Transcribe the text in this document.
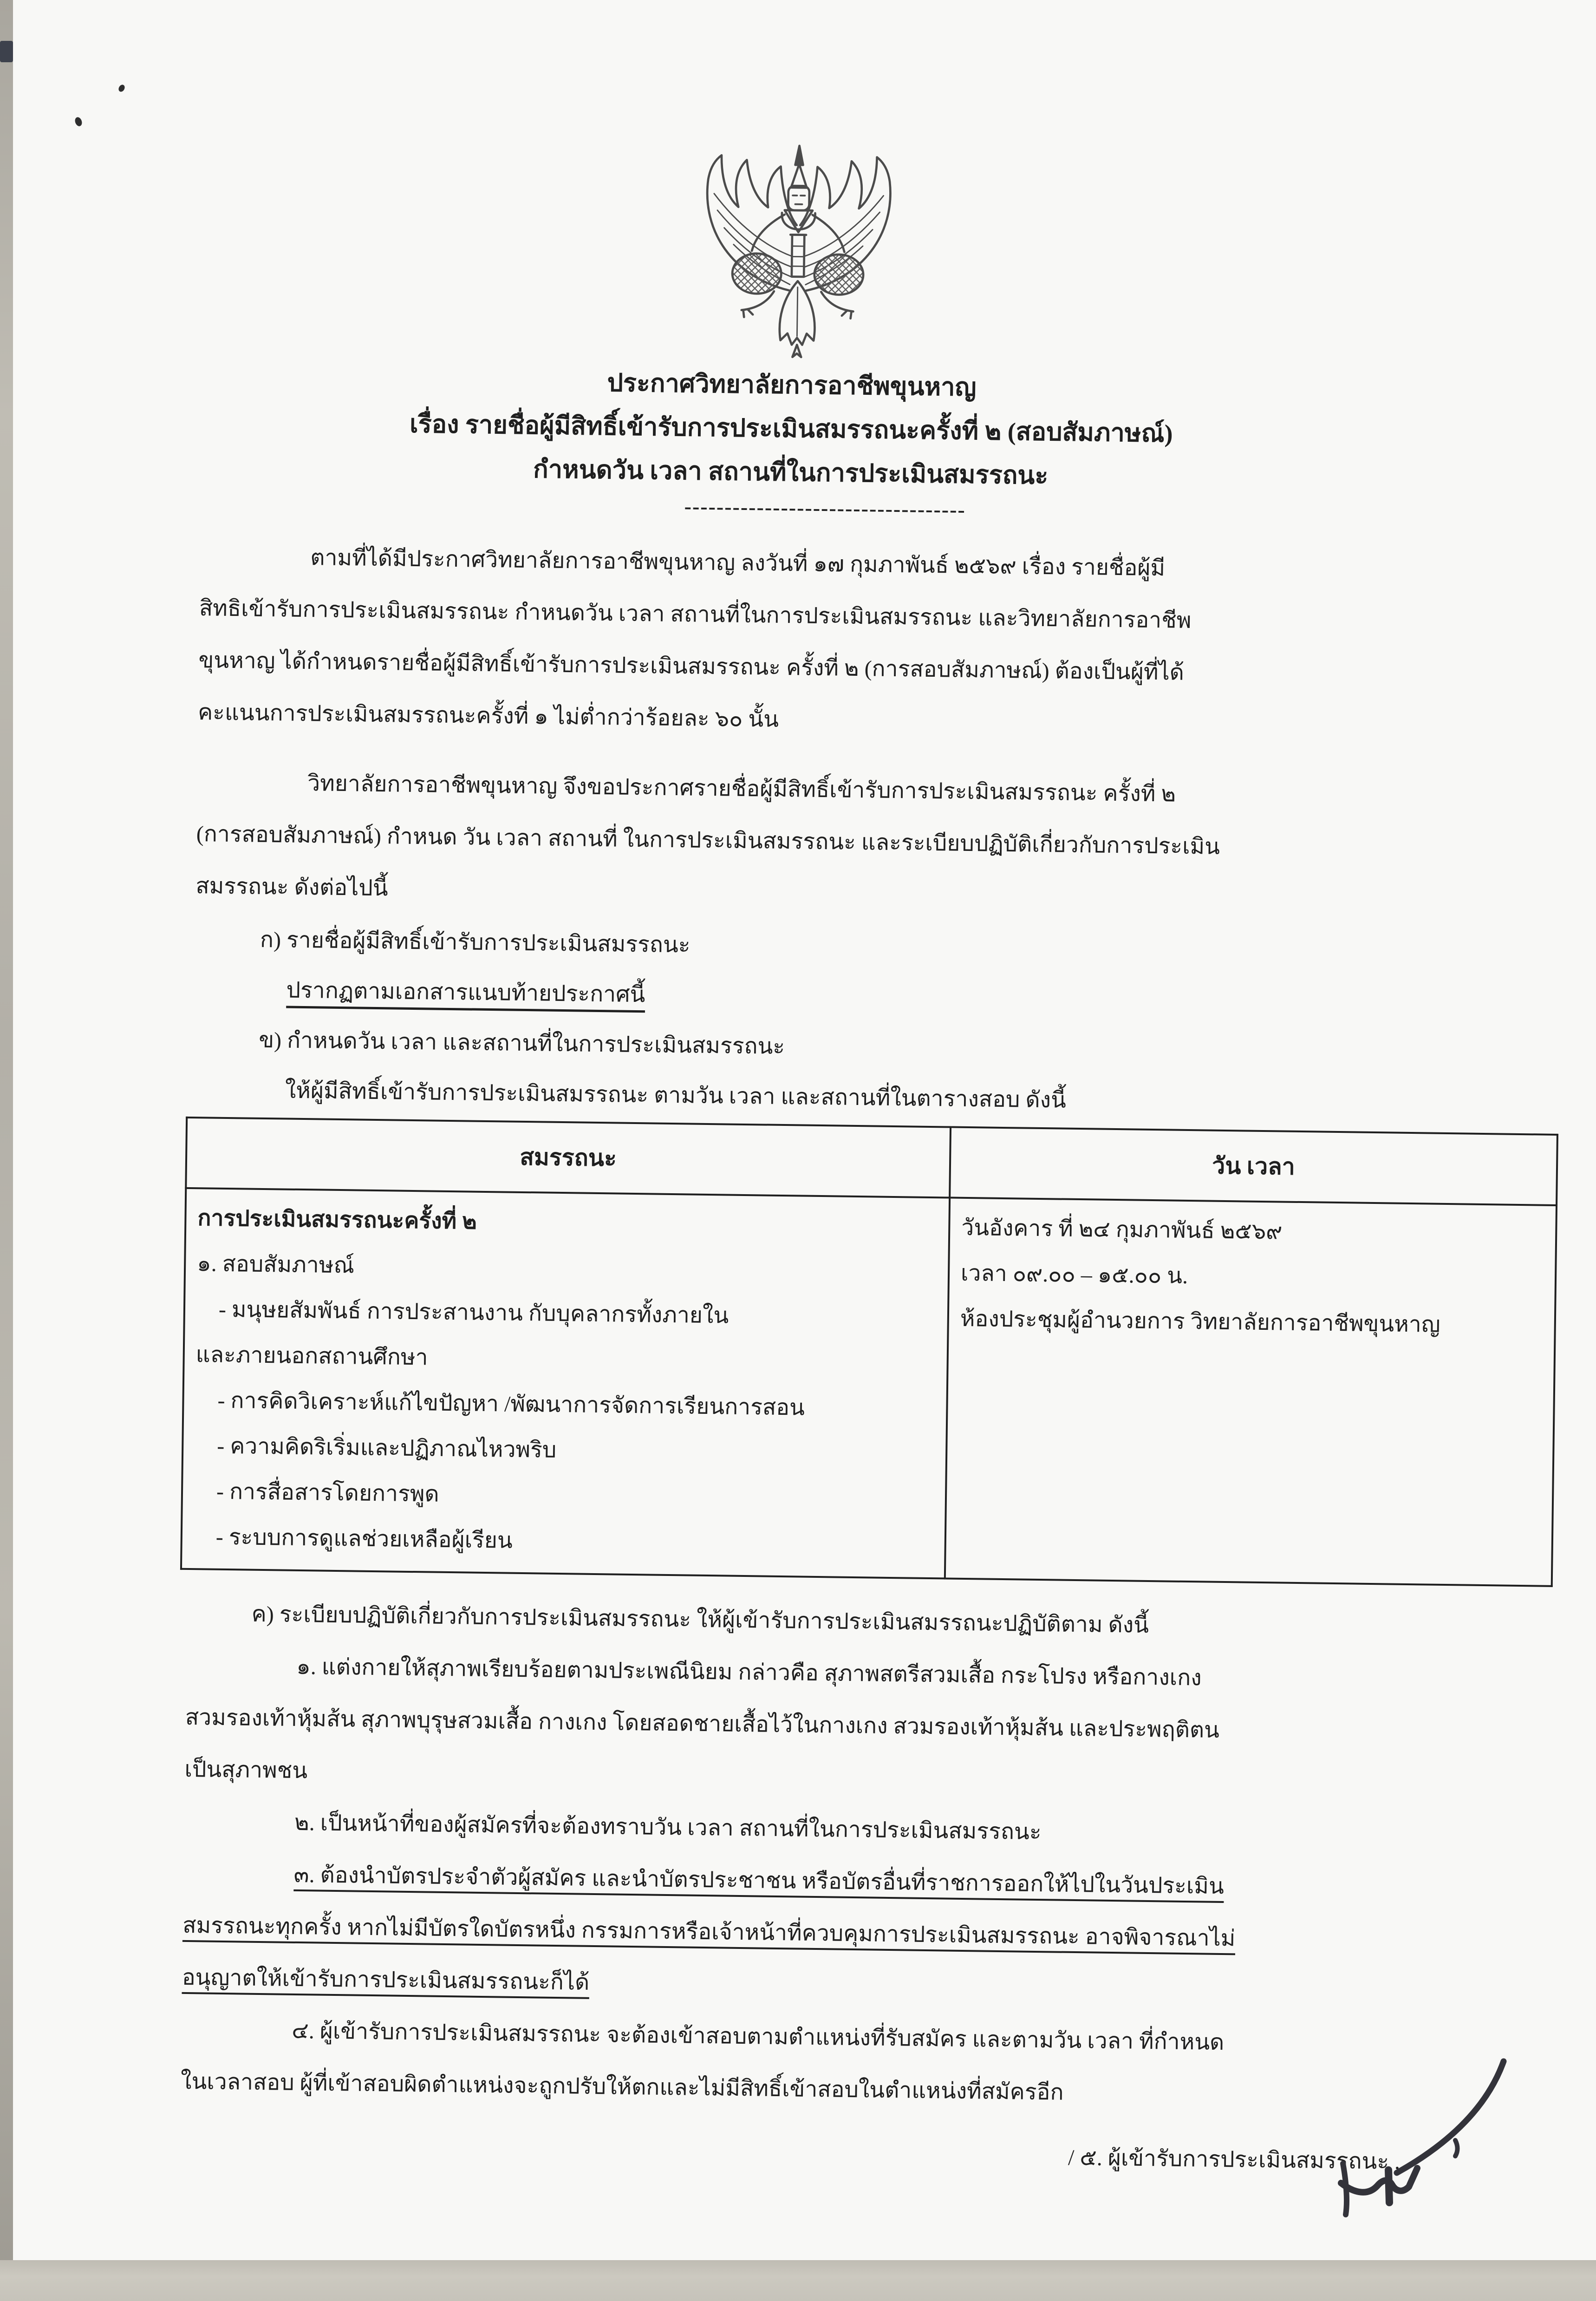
ประกาศวิทยาลัยการอาชีพขุนหาญ
เรื่อง รายชื่อผู้มีสิทธิ์เข้ารับการประเมินสมรรถนะครั้งที่ ๒ (สอบสัมภาษณ์)
กำหนดวัน เวลา สถานที่ในการประเมินสมรรถนะ
-----------------------------------
ตามที่ได้มีประกาศวิทยาลัยการอาชีพขุนหาญ ลงวันที่ ๑๗ กุมภาพันธ์ ๒๕๖๙ เรื่อง รายชื่อผู้มี
สิทธิเข้ารับการประเมินสมรรถนะ กำหนดวัน เวลา สถานที่ในการประเมินสมรรถนะ และวิทยาลัยการอาชีพ
ขุนหาญ ได้กำหนดรายชื่อผู้มีสิทธิ์เข้ารับการประเมินสมรรถนะ ครั้งที่ ๒ (การสอบสัมภาษณ์) ต้องเป็นผู้ที่ได้
คะแนนการประเมินสมรรถนะครั้งที่ ๑ ไม่ต่ำกว่าร้อยละ ๖๐ นั้น
วิทยาลัยการอาชีพขุนหาญ จึงขอประกาศรายชื่อผู้มีสิทธิ์เข้ารับการประเมินสมรรถนะ ครั้งที่ ๒
(การสอบสัมภาษณ์) กำหนด วัน เวลา สถานที่ ในการประเมินสมรรถนะ และระเบียบปฏิบัติเกี่ยวกับการประเมิน
สมรรถนะ ดังต่อไปนี้
ก) รายชื่อผู้มีสิทธิ์เข้ารับการประเมินสมรรถนะ
ปรากฏตามเอกสารแนบท้ายประกาศนี้
ข) กำหนดวัน เวลา และสถานที่ในการประเมินสมรรถนะ
ให้ผู้มีสิทธิ์เข้ารับการประเมินสมรรถนะ ตามวัน เวลา และสถานที่ในตารางสอบ ดังนี้
สมรรถนะ	วัน เวลา

การประเมินสมรรถนะครั้งที่ ๒
๑. สอบสัมภาษณ์
- มนุษยสัมพันธ์ การประสานงาน กับบุคลากรทั้งภายใน
และภายนอกสถานศึกษา
- การคิดวิเคราะห์แก้ไขปัญหา /พัฒนาการจัดการเรียนการสอน
- ความคิดริเริ่มและปฏิภาณไหวพริบ
- การสื่อสารโดยการพูด
- ระบบการดูแลช่วยเหลือผู้เรียน

วันอังคาร ที่ ๒๔ กุมภาพันธ์ ๒๕๖๙
เวลา ๐๙.๐๐ – ๑๕.๐๐ น.
ห้องประชุมผู้อำนวยการ วิทยาลัยการอาชีพขุนหาญ
ค) ระเบียบปฏิบัติเกี่ยวกับการประเมินสมรรถนะ ให้ผู้เข้ารับการประเมินสมรรถนะปฏิบัติตาม ดังนี้
๑. แต่งกายให้สุภาพเรียบร้อยตามประเพณีนิยม กล่าวคือ สุภาพสตรีสวมเสื้อ กระโปรง หรือกางเกง
สวมรองเท้าหุ้มส้น สุภาพบุรุษสวมเสื้อ กางเกง โดยสอดชายเสื้อไว้ในกางเกง สวมรองเท้าหุ้มส้น และประพฤติตน
เป็นสุภาพชน
๒. เป็นหน้าที่ของผู้สมัครที่จะต้องทราบวัน เวลา สถานที่ในการประเมินสมรรถนะ
๓. ต้องนำบัตรประจำตัวผู้สมัคร และนำบัตรประชาชน หรือบัตรอื่นที่ราชการออกให้ไปในวันประเมิน
สมรรถนะทุกครั้ง หากไม่มีบัตรใดบัตรหนึ่ง กรรมการหรือเจ้าหน้าที่ควบคุมการประเมินสมรรถนะ อาจพิจารณาไม่
อนุญาตให้เข้ารับการประเมินสมรรถนะก็ได้
๔. ผู้เข้ารับการประเมินสมรรถนะ จะต้องเข้าสอบตามตำแหน่งที่รับสมัคร และตามวัน เวลา ที่กำหนด
ในเวลาสอบ ผู้ที่เข้าสอบผิดตำแหน่งจะถูกปรับให้ตกและไม่มีสิทธิ์เข้าสอบในตำแหน่งที่สมัครอีก
/ ๕. ผู้เข้ารับการประเมินสมรรถนะ ..
